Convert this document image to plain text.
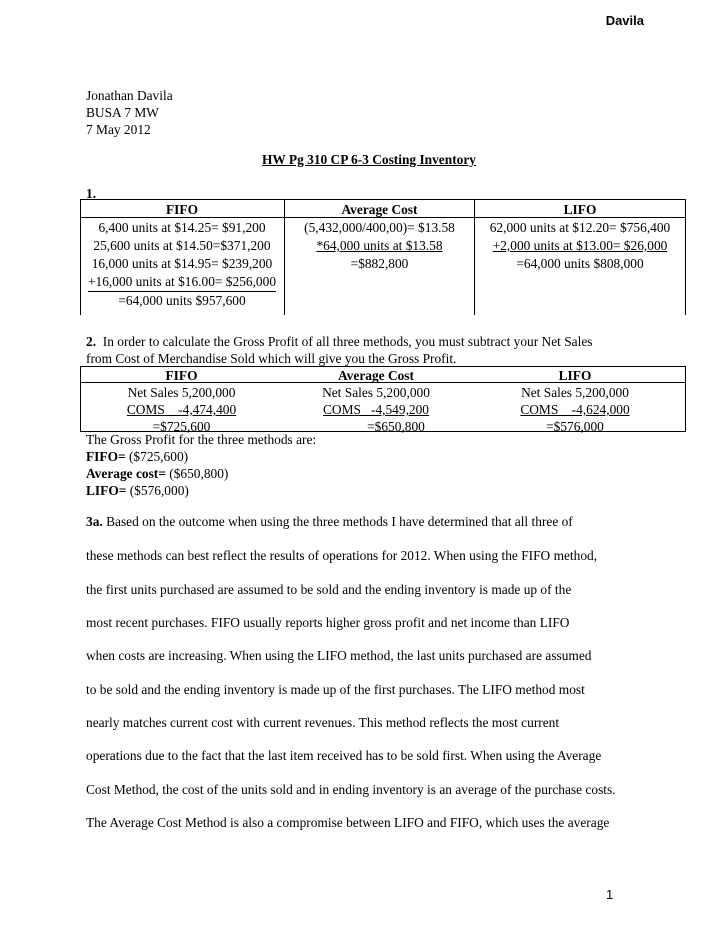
Davila
Jonathan Davila
BUSA 7 MW
7 May 2012
HW Pg 310 CP 6-3 Costing Inventory
1.
FIFO
6,400 units at $14.25= $91,200
25,600 units at $14.50=$371,200
16,000 units at $14.95= $239,200
+16,000 units at $16.00= $256,000
=64,000 units $957,600
Average Cost
(5,432,000/400,00)= $13.58
*64,000 units at $13.58
=$882,800
LIFO
62,000 units at $12.20= $756,400
+2,000 units at $13.00= $26,000
=64,000 units $808,000
2. In order to calculate the Gross Profit of all three methods, you must subtract your Net Sales
from Cost of Merchandise Sold which will give you the Gross Profit.
FIFO
Net Sales 5,200,000
COMS    -4,474,400
=$725,600
Average Cost
Net Sales 5,200,000
COMS   -4,549,200
=$650,800
LIFO
Net Sales 5,200,000
COMS    -4,624,000
=$576,000
The Gross Profit for the three methods are:
FIFO= ($725,600)
Average cost= ($650,800)
LIFO= ($576,000)
3a. Based on the outcome when using the three methods I have determined that all three of
these methods can best reflect the results of operations for 2012. When using the FIFO method,
the first units purchased are assumed to be sold and the ending inventory is made up of the
most recent purchases. FIFO usually reports higher gross profit and net income than LIFO
when costs are increasing. When using the LIFO method, the last units purchased are assumed
to be sold and the ending inventory is made up of the first purchases. The LIFO method most
nearly matches current cost with current revenues. This method reflects the most current
operations due to the fact that the last item received has to be sold first. When using the Average
Cost Method, the cost of the units sold and in ending inventory is an average of the purchase costs.
The Average Cost Method is also a compromise between LIFO and FIFO, which uses the average
1
